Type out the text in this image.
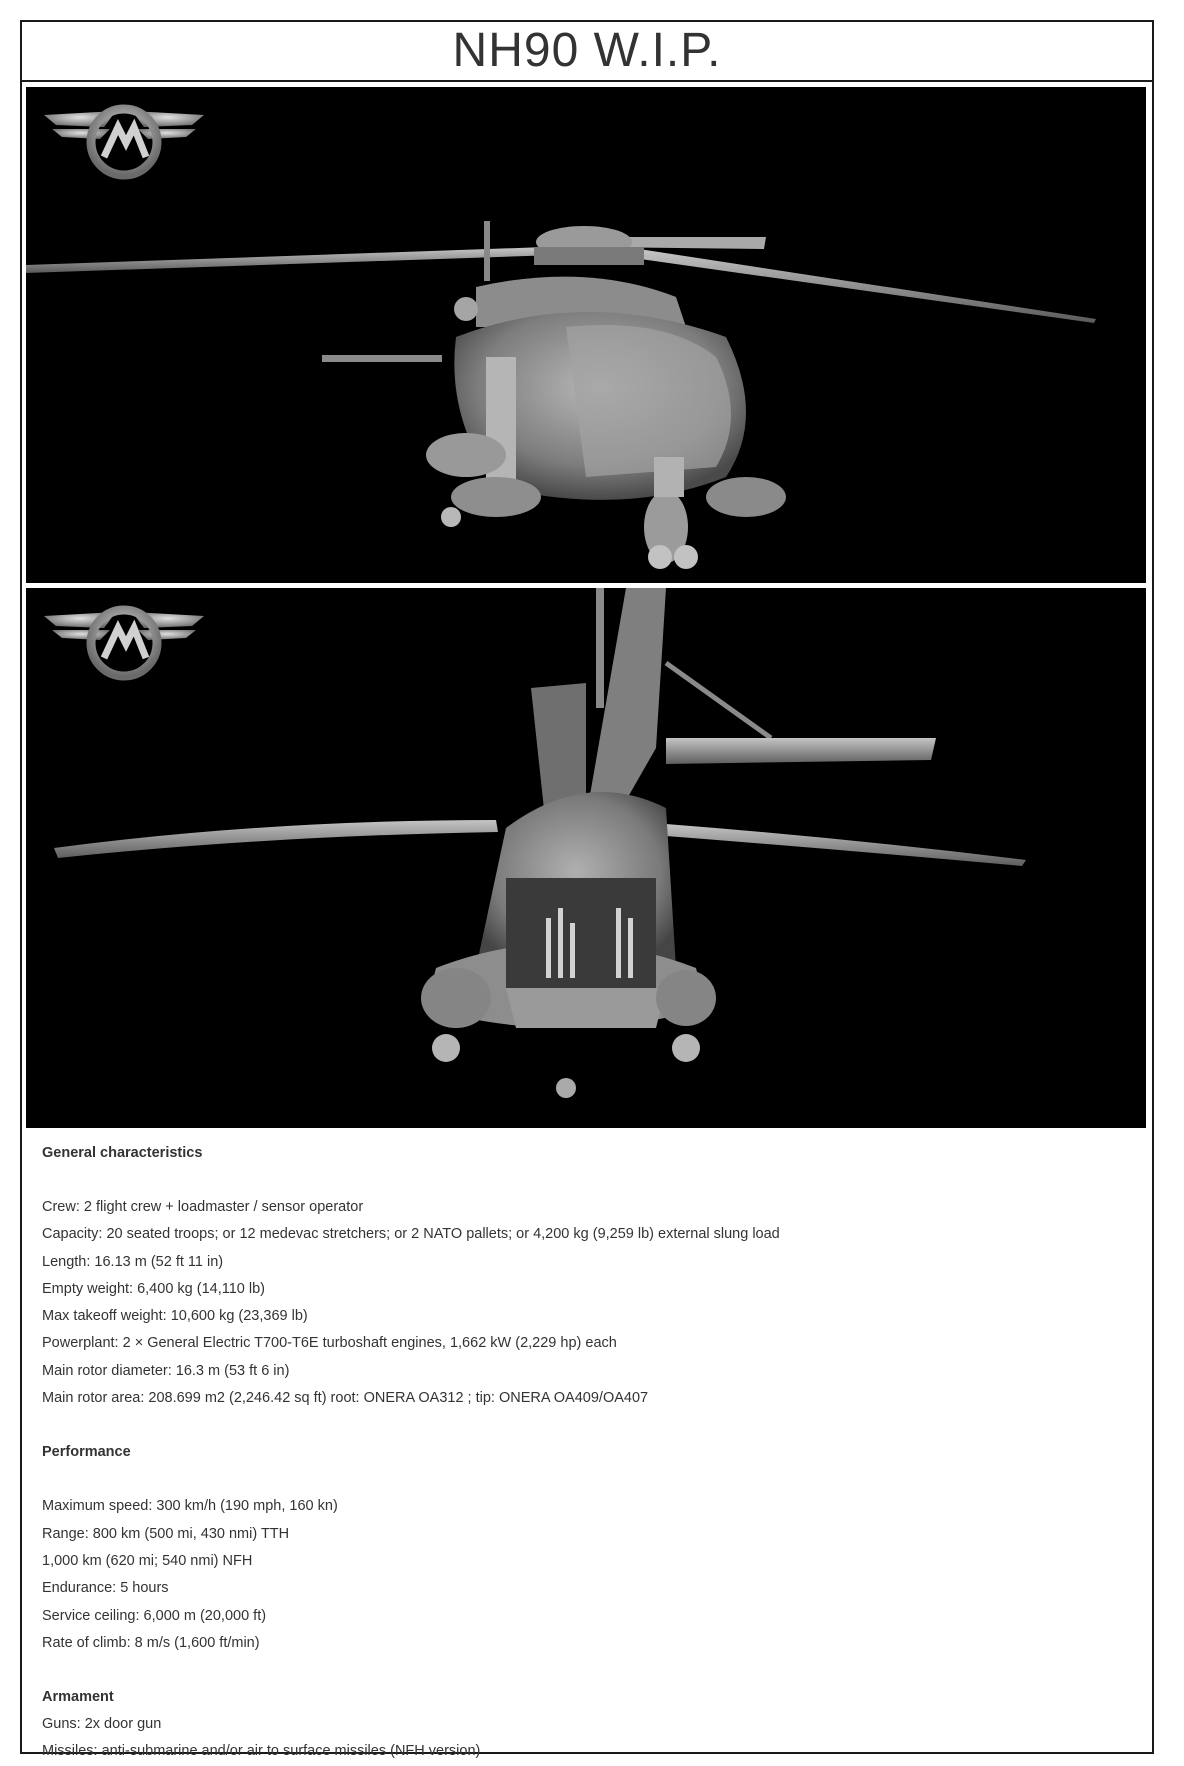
NH90 W.I.P.
General characteristics
Crew: 2 flight crew + loadmaster / sensor operator
Capacity: 20 seated troops; or 12 medevac stretchers; or 2 NATO pallets; or 4,200 kg (9,259 lb) external slung load
Length: 16.13 m (52 ft 11 in)
Empty weight: 6,400 kg (14,110 lb)
Max takeoff weight: 10,600 kg (23,369 lb)
Powerplant: 2 × General Electric T700-T6E turboshaft engines, 1,662 kW (2,229 hp) each
Main rotor diameter: 16.3 m (53 ft 6 in)
Main rotor area: 208.699 m2 (2,246.42 sq ft) root: ONERA OA312 ; tip: ONERA OA409/OA407
Performance
Maximum speed: 300 km/h (190 mph, 160 kn)
Range: 800 km (500 mi, 430 nmi) TTH
1,000 km (620 mi; 540 nmi) NFH
Endurance: 5 hours
Service ceiling: 6,000 m (20,000 ft)
Rate of climb: 8 m/s (1,600 ft/min)
Armament
Guns: 2x door gun
Missiles: anti-submarine and/or air to surface missiles (NFH version)
